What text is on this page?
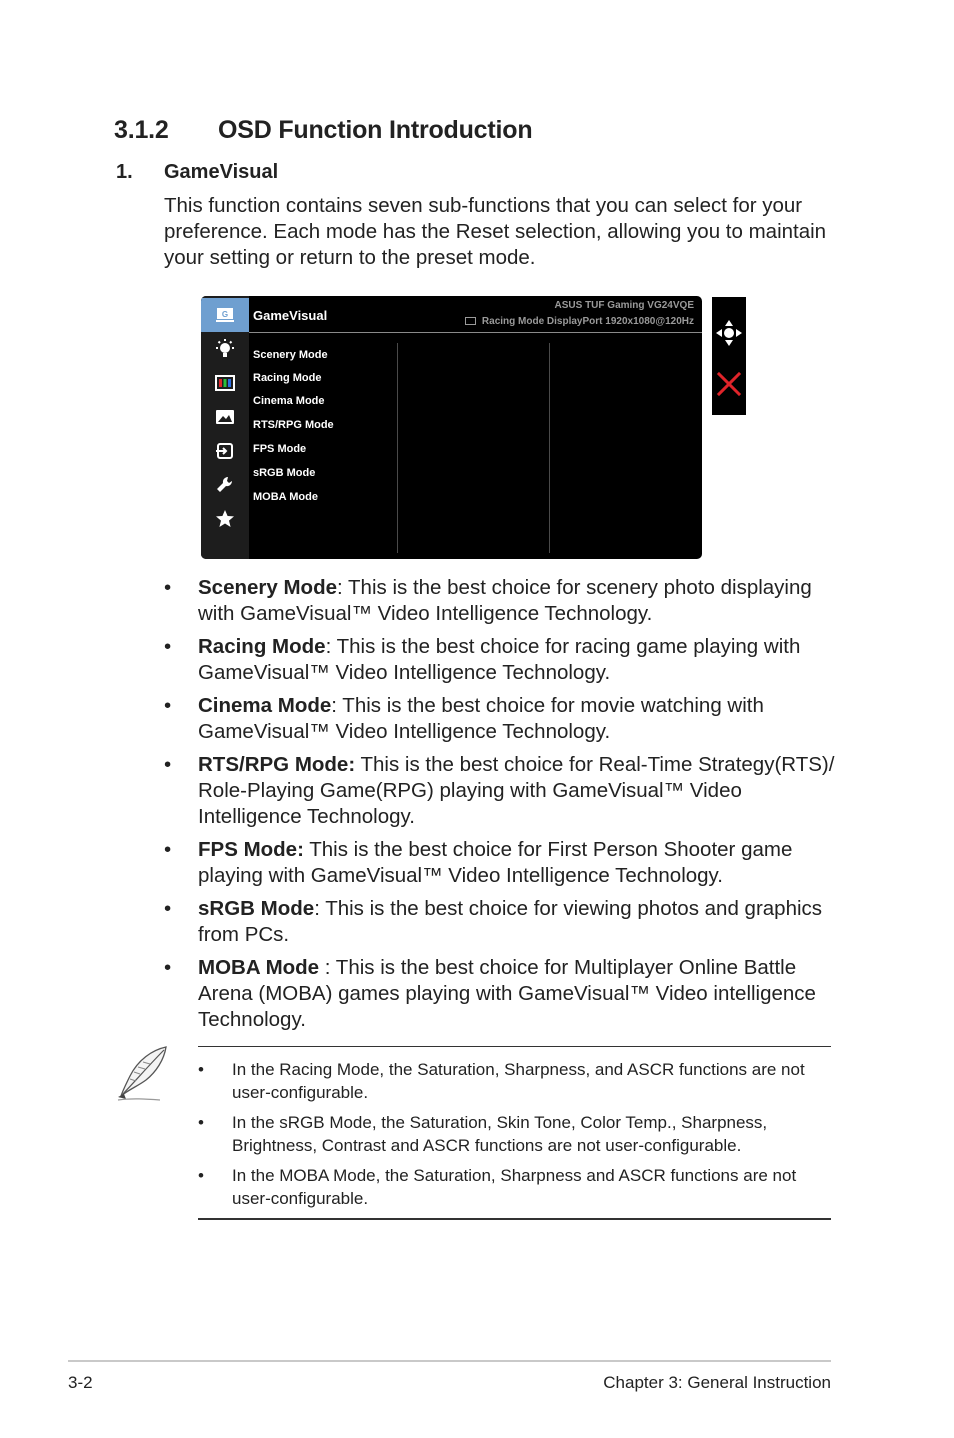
3.1.2 OSD Function Introduction
1. GameVisual

This function contains seven sub-functions that you can select for your preference. Each mode has the Reset selection, allowing you to maintain your setting or return to the preset mode.

G GameVisual
ASUS TUF Gaming VG24VQE
Racing Mode DisplayPort 1920x1080@120Hz
Scenery Mode
Racing Mode
Cinema Mode
RTS/RPG Mode
FPS Mode
sRGB Mode
MOBA Mode
• Scenery Mode: This is the best choice for scenery photo displaying with GameVisual™ Video Intelligence Technology.
• Racing Mode: This is the best choice for racing game playing with GameVisual™ Video Intelligence Technology.
• Cinema Mode: This is the best choice for movie watching with GameVisual™ Video Intelligence Technology.
• RTS/RPG Mode: This is the best choice for Real-Time Strategy(RTS)/ Role-Playing Game(RPG) playing with GameVisual™ Video Intelligence Technology.
• FPS Mode: This is the best choice for First Person Shooter game playing with GameVisual™ Video Intelligence Technology.
• sRGB Mode: This is the best choice for viewing photos and graphics from PCs.
• MOBA Mode : This is the best choice for Multiplayer Online Battle Arena (MOBA) games playing with GameVisual™ Video intelligence Technology.
• In the Racing Mode, the Saturation, Sharpness, and ASCR functions are not user-configurable.
• In the sRGB Mode, the Saturation, Skin Tone, Color Temp., Sharpness, Brightness, Contrast and ASCR functions are not user-configurable.
• In the MOBA Mode, the Saturation, Sharpness and ASCR functions are not user-configurable.
3-2	Chapter 3: General Instruction
